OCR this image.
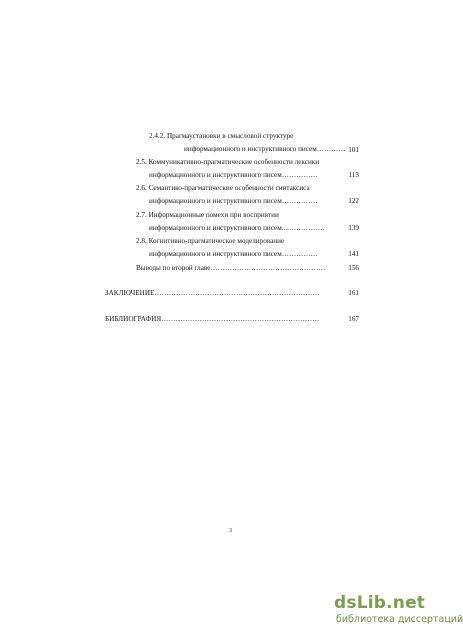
2.4.2. Прагмаустановки в смысловой структуре
информационного и инструктивного писем………… 101
2.5. Коммуникативно-прагматические особенности лексики
информационного и инструктивного писем……………	113
2.6. Семантико-прагматические особенности синтаксиса
информационного и инструктивного писем……………	122
2.7. Информационные помехи при восприятии
информационного и инструктивного писем....……………	139
2.8. Когнитивно-прагматическое моделирование
информационного и инструктивного писем……………	141
Выводы по второй главе…………………………………………	156
ЗАКЛЮЧЕНИЕ……………………………………………………………	161
БИБЛИОГРАФИЯ…………………………………………………………	167
3
dsLib.net
библиотека диссертаций
